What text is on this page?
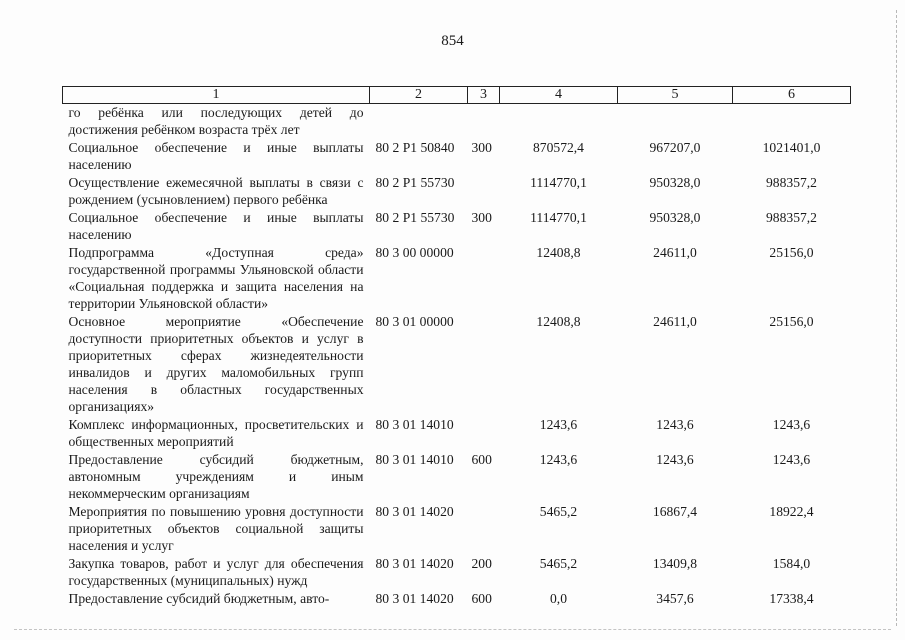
854
1	2	3	4	5	6
го ребёнка или последующих детей до достижения ребёнком возраста трёх лет					
Социальное обеспечение и иные выплаты населению	80 2 P1 50840	300	870572,4	967207,0	1021401,0
Осуществление ежемесячной выплаты в связи с рождением (усыновлением) первого ребёнка	80 2 P1 55730		1114770,1	950328,0	988357,2
Социальное обеспечение и иные выплаты населению	80 2 P1 55730	300	1114770,1	950328,0	988357,2
Подпрограмма «Доступная среда» государственной программы Ульяновской области «Социальная поддержка и защита населения на территории Ульяновской области»	80 3 00 00000		12408,8	24611,0	25156,0
Основное мероприятие «Обеспечение доступности приоритетных объектов и услуг в приоритетных сферах жизнедеятельности инвалидов и других маломобильных групп населения в областных государственных организациях»	80 3 01 00000		12408,8	24611,0	25156,0
Комплекс информационных, просветительских и общественных мероприятий	80 3 01 14010		1243,6	1243,6	1243,6
Предоставление субсидий бюджетным, автономным учреждениям и иным некоммерческим организациям	80 3 01 14010	600	1243,6	1243,6	1243,6
Мероприятия по повышению уровня доступности приоритетных объектов социальной защиты населения и услуг	80 3 01 14020		5465,2	16867,4	18922,4
Закупка товаров, работ и услуг для обеспечения государственных (муниципальных) нужд	80 3 01 14020	200	5465,2	13409,8	1584,0
Предоставление субсидий бюджетным, авто-	80 3 01 14020	600	0,0	3457,6	17338,4
